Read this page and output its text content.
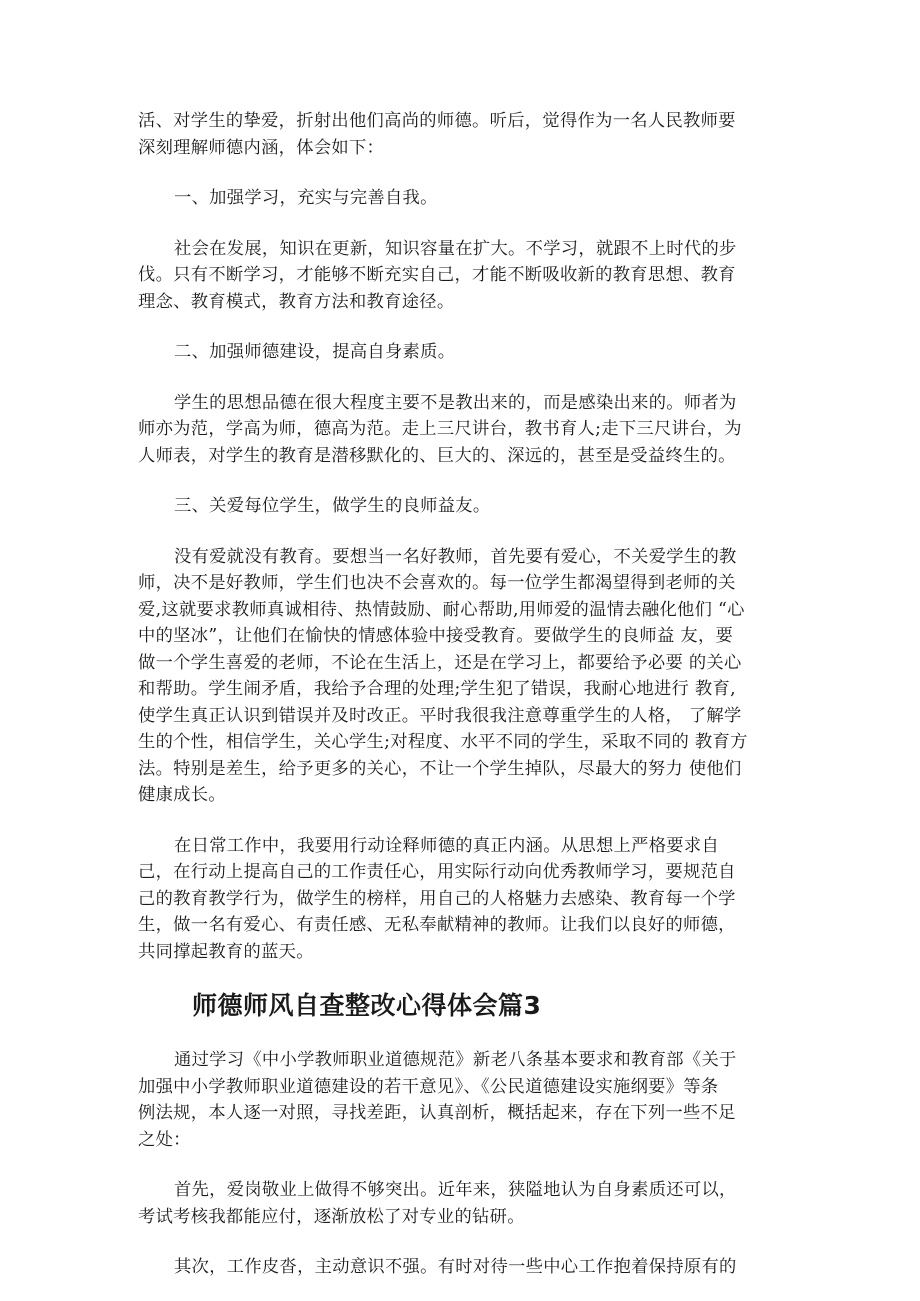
活、对学生的挚爱，折射出他们高尚的师德。听后，觉得作为一名人民教师要
深刻理解师德内涵，体会如下：

一、加强学习，充实与完善自我。

社会在发展，知识在更新，知识容量在扩大。不学习，就跟不上时代的步
伐。只有不断学习，才能够不断充实自己，才能不断吸收新的教育思想、教育
理念、教育模式，教育方法和教育途径。

二、加强师德建设，提高自身素质。

学生的思想品德在很大程度主要不是教出来的，而是感染出来的。师者为
师亦为范，学高为师，德高为范。走上三尺讲台，教书育人;走下三尺讲台，为
人师表，对学生的教育是潜移默化的、巨大的、深远的，甚至是受益终生的。

三、关爱每位学生，做学生的良师益友。

没有爱就没有教育。要想当一名好教师，首先要有爱心，不关爱学生的教
师，决不是好教师，学生们也决不会喜欢的。每一位学生都渴望得到老师的关
爱,这就要求教师真诚相待、热情鼓励、耐心帮助,用师爱的温情去融化他们 “心
中的坚冰”，让他们在愉快的情感体验中接受教育。要做学生的良师益 友，要
做一个学生喜爱的老师，不论在生活上，还是在学习上，都要给予必要 的关心
和帮助。学生闹矛盾，我给予合理的处理;学生犯了错误，我耐心地进行 教育,
使学生真正认识到错误并及时改正。平时我很我注意尊重学生的人格， 了解学
生的个性，相信学生，关心学生;对程度、水平不同的学生，采取不同的 教育方
法。特别是差生，给予更多的关心，不让一个学生掉队，尽最大的努力 使他们
健康成长。

在日常工作中，我要用行动诠释师德的真正内涵。从思想上严格要求自
己，在行动上提高自己的工作责任心，用实际行动向优秀教师学习，要规范自
己的教育教学行为，做学生的榜样，用自己的人格魅力去感染、教育每一个学
生，做一名有爱心、有责任感、无私奉献精神的教师。让我们以良好的师德，
共同撑起教育的蓝天。

师德师风自查整改心得体会篇3

通过学习《中小学教师职业道德规范》新老八条基本要求和教育部《关于
加强中小学教师职业道德建设的若干意见》、《公民道德建设实施纲要》等条
例法规，本人逐一对照，寻找差距，认真剖析，概括起来，存在下列一些不足
之处：

首先，爱岗敬业上做得不够突出。近年来，狭隘地认为自身素质还可以，
考试考核我都能应付，逐渐放松了对专业的钻研。

其次，工作皮沓，主动意识不强。有时对待一些中心工作抱着保持原有的
